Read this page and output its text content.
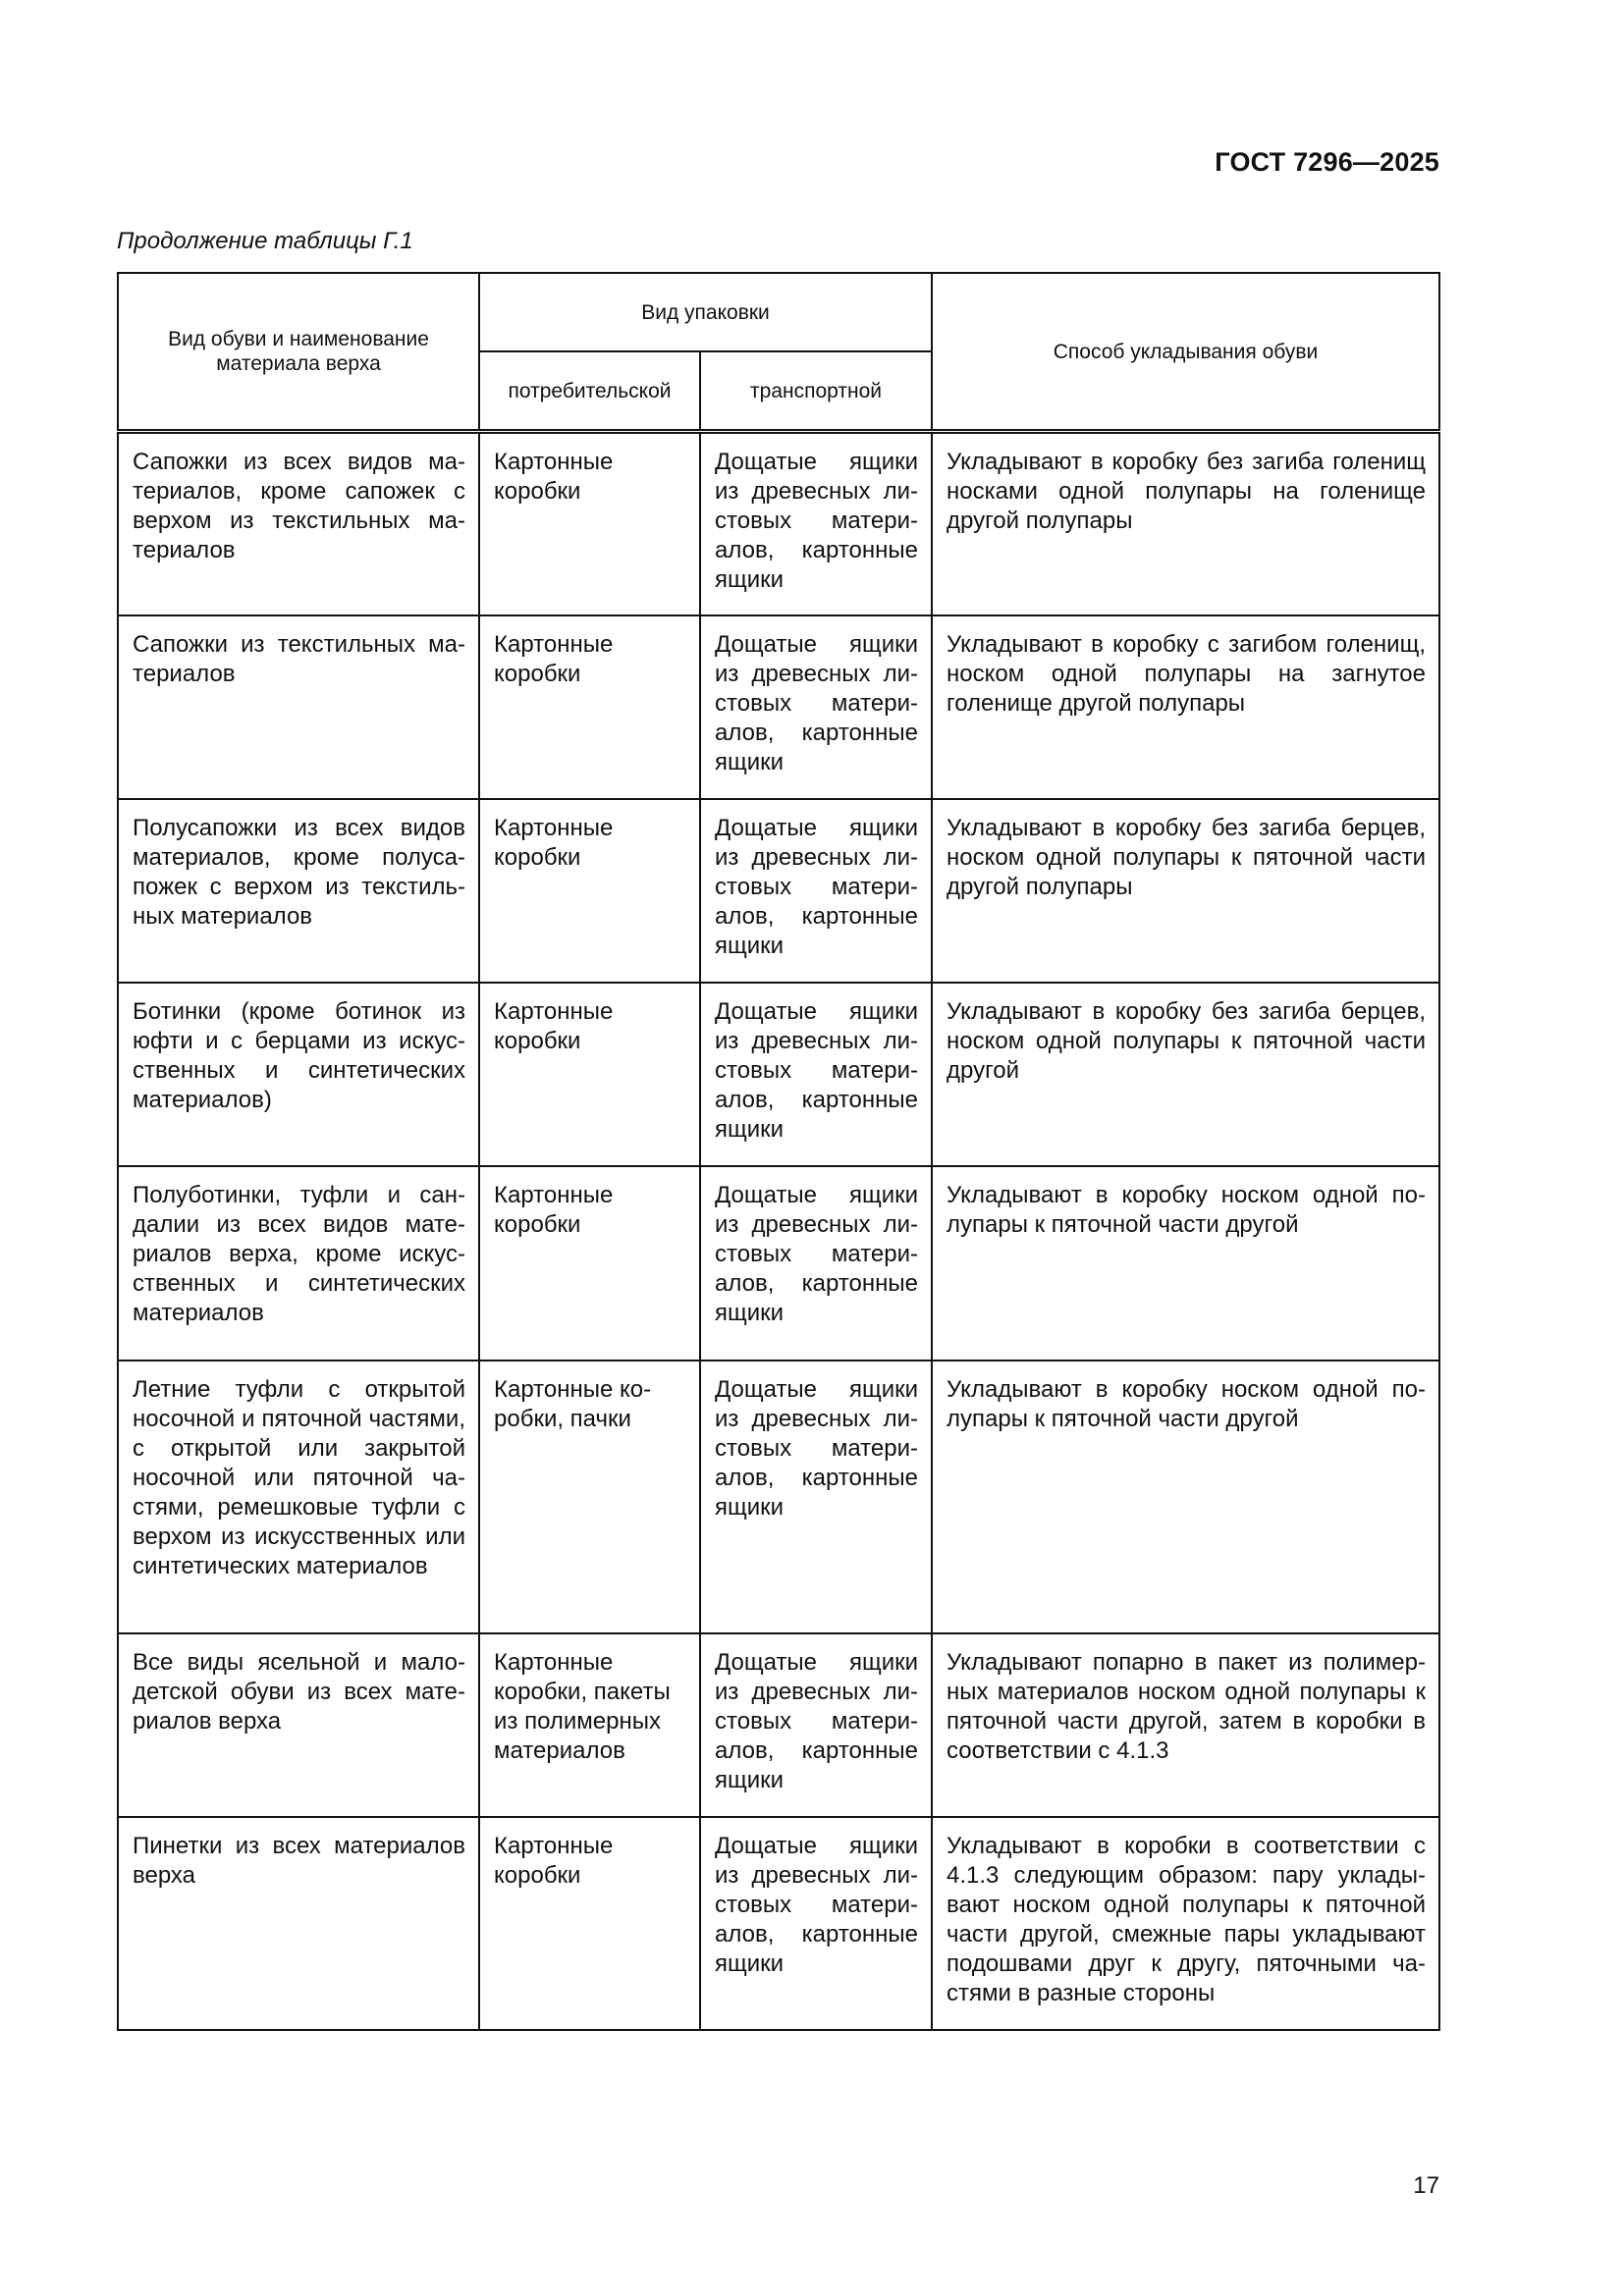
ГОСТ 7296—2025
Продолжение таблицы Г.1
Вид обуви и наименование материала верха	Вид упаковки		Способ укладывания обуви
	потребительской	транспортной	
Сапожки из всех видов материалов, кроме сапожек с верхом из текстильных материалов	Картонные коробки	Дощатые ящики из древесных листовых материалов, картонные ящики	Укладывают в коробку без загиба голенищ носками одной полупары на голенище другой полупары
Сапожки из текстильных материалов	Картонные коробки	Дощатые ящики из древесных листовых материалов, картонные ящики	Укладывают в коробку с загибом голенищ, носком одной полупары на загнутое голенище другой полупары
Полусапожки из всех видов материалов, кроме полусапожек с верхом из текстильных материалов	Картонные коробки	Дощатые ящики из древесных листовых материалов, картонные ящики	Укладывают в коробку без загиба берцев, носком одной полупары к пяточной части другой полупары
Ботинки (кроме ботинок из юфти и с берцами из искусственных и синтетических материалов)	Картонные коробки	Дощатые ящики из древесных листовых материалов, картонные ящики	Укладывают в коробку без загиба берцев, носком одной полупары к пяточной части другой
Полуботинки, туфли и сандалии из всех видов материалов верха, кроме искусственных и синтетических материалов	Картонные коробки	Дощатые ящики из древесных листовых материалов, картонные ящики	Укладывают в коробку носком одной полупары к пяточной части другой
Летние туфли с открытой носочной и пяточной частями, с открытой или закрытой носочной или пяточной частями, ремешковые туфли с верхом из искусственных или синтетических материалов	Картонные коробки, пачки	Дощатые ящики из древесных листовых материалов, картонные ящики	Укладывают в коробку носком одной полупары к пяточной части другой
Все виды ясельной и малодетской обуви из всех материалов верха	Картонные коробки, пакеты из полимерных материалов	Дощатые ящики из древесных листовых материалов, картонные ящики	Укладывают попарно в пакет из полимерных материалов носком одной полупары к пяточной части другой, затем в коробки в соответствии с 4.1.3
Пинетки из всех материалов верха	Картонные коробки	Дощатые ящики из древесных листовых материалов, картонные ящики	Укладывают в коробки в соответствии с 4.1.3 следующим образом: пару укладывают носком одной полупары к пяточной части другой, смежные пары укладывают подошвами друг к другу, пяточными частями в разные стороны
17
